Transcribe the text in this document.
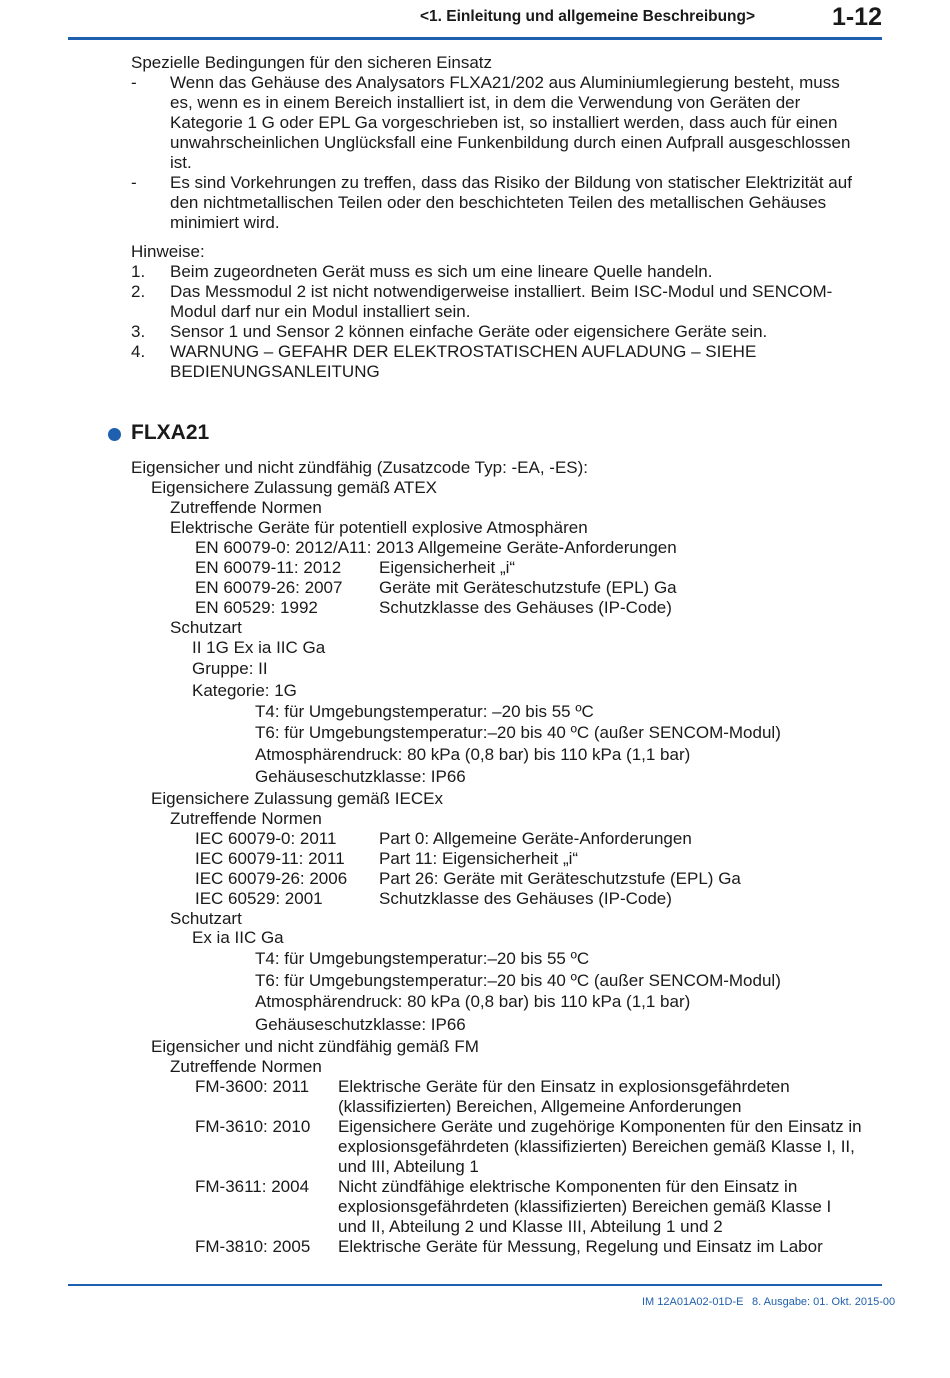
<1. Einleitung und allgemeine Beschreibung>	1-12
Spezielle Bedingungen für den sicheren Einsatz
- Wenn das Gehäuse des Analysators FLXA21/202 aus Aluminiumlegierung besteht, muss
es, wenn es in einem Bereich installiert ist, in dem die Verwendung von Geräten der
Kategorie 1 G oder EPL Ga vorgeschrieben ist, so installiert werden, dass auch für einen
unwahrscheinlichen Unglücksfall eine Funkenbildung durch einen Aufprall ausgeschlossen
ist.
- Es sind Vorkehrungen zu treffen, dass das Risiko der Bildung von statischer Elektrizität auf
den nichtmetallischen Teilen oder den beschichteten Teilen des metallischen Gehäuses
minimiert wird.
Hinweise:
1. Beim zugeordneten Gerät muss es sich um eine lineare Quelle handeln.
2. Das Messmodul 2 ist nicht notwendigerweise installiert. Beim ISC-Modul und SENCOM-
Modul darf nur ein Modul installiert sein.
3. Sensor 1 und Sensor 2 können einfache Geräte oder eigensichere Geräte sein.
4. WARNUNG – GEFAHR DER ELEKTROSTATISCHEN AUFLADUNG – SIEHE
BEDIENUNGSANLEITUNG
FLXA21
Eigensicher und nicht zündfähig (Zusatzcode Typ: -EA, -ES):
Eigensichere Zulassung gemäß ATEX
Zutreffende Normen
Elektrische Geräte für potentiell explosive Atmosphären
EN 60079-0: 2012/A11: 2013 Allgemeine Geräte-Anforderungen
EN 60079-11: 2012 Eigensicherheit „i“
EN 60079-26: 2007 Geräte mit Geräteschutzstufe (EPL) Ga
EN 60529: 1992	Schutzklasse des Gehäuses (IP-Code)
Schutzart
II 1G Ex ia IIC Ga
Gruppe: II
Kategorie: 1G
T4: für Umgebungstemperatur: –20 bis 55 ºC
T6: für Umgebungstemperatur:–20 bis 40 ºC (außer SENCOM-Modul)
Atmosphärendruck: 80 kPa (0,8 bar) bis 110 kPa (1,1 bar)
Gehäuseschutzklasse: IP66
Eigensichere Zulassung gemäß IECEx
Zutreffende Normen
IEC 60079-0: 2011	Part 0: Allgemeine Geräte-Anforderungen
IEC 60079-11: 2011 Part 11: Eigensicherheit „i“
IEC 60079-26: 2006 Part 26: Geräte mit Geräteschutzstufe (EPL) Ga
IEC 60529: 2001	Schutzklasse des Gehäuses (IP-Code)
Schutzart
Ex ia IIC Ga
T4: für Umgebungstemperatur:–20 bis 55 ºC
T6: für Umgebungstemperatur:–20 bis 40 ºC (außer SENCOM-Modul)
Atmosphärendruck: 80 kPa (0,8 bar) bis 110 kPa (1,1 bar)
Gehäuseschutzklasse: IP66
Eigensicher und nicht zündfähig gemäß FM
Zutreffende Normen
FM-3600: 2011 Elektrische Geräte für den Einsatz in explosionsgefährdeten
(klassifizierten) Bereichen, Allgemeine Anforderungen
FM-3610: 2010 Eigensichere Geräte und zugehörige Komponenten für den Einsatz in
explosionsgefährdeten (klassifizierten) Bereichen gemäß Klasse I, II,
und III, Abteilung 1
FM-3611: 2004 Nicht zündfähige elektrische Komponenten für den Einsatz in
explosionsgefährdeten (klassifizierten) Bereichen gemäß Klasse I
und II, Abteilung 2 und Klasse III, Abteilung 1 und 2
FM-3810: 2005 Elektrische Geräte für Messung, Regelung und Einsatz im Labor
IM 12A01A02-01D-E 8. Ausgabe: 01. Okt. 2015-00
